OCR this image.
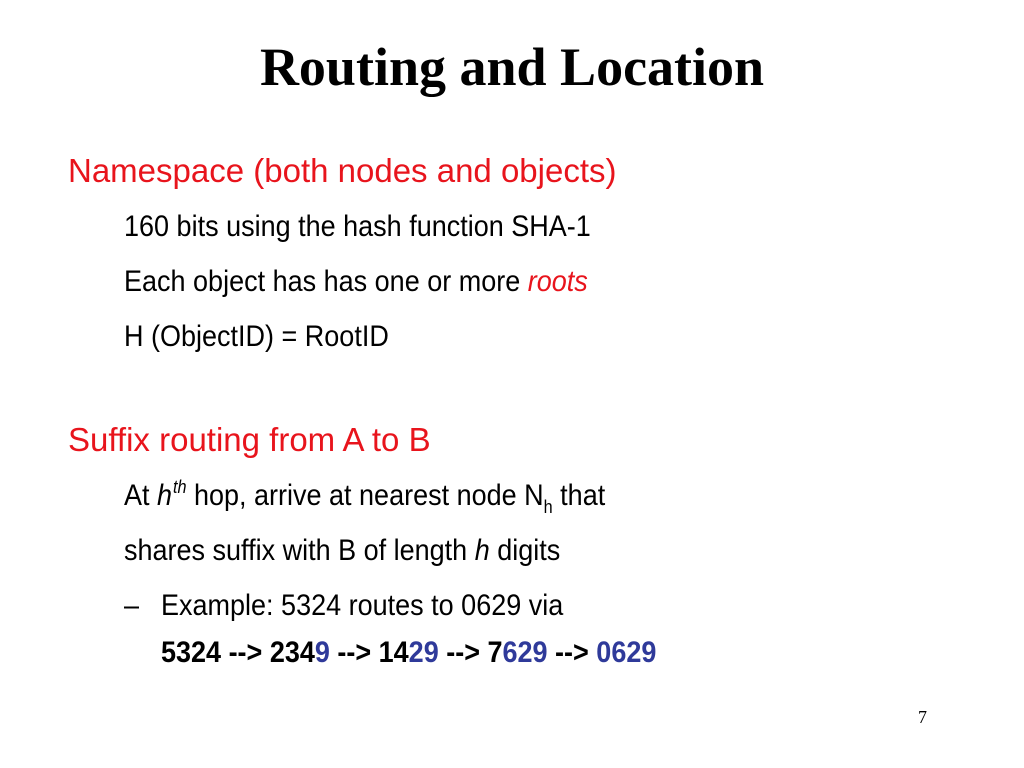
Routing and Location
Namespace (both nodes and objects)
160 bits using the hash function SHA-1
Each object has has one or more roots
H (ObjectID) = RootID
Suffix routing from A to B
At $h^{th}$ hop, arrive at nearest node $N_h$ that
shares suffix with B of length h digits
– Example: 5324 routes to 0629 via
5324 --> 2349 --> 1429 --> 7629 --> 0629
7
